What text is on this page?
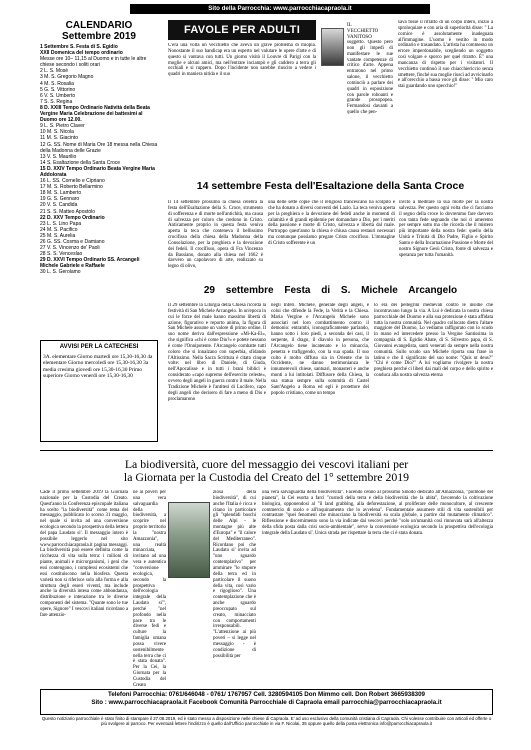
Sito della Parrocchia: www.parrocchiacapraola.it
CALENDARIO
Settembre 2019
1 Settembre S. Festa di S. Egidio
XXII Domenica del tempo ordinario
Messe ore 10– 11,15 al Duomo e in tutte le altre chiese secondo i soliti orari
2 L. S. Mosè
3 M. S. Gregorio Magno
4 M. S. Rosalia
5 G. S. Vittorino
6 V. S. Umberto
7 S. S. Regina
8 D. XXIII Tempo Ordinario Natività della Beata Vergine Maria Celebrazione dei battesimi al Duomo ore 12.00.
9 L. S. Pietro Claver
10 M. S. Nicola
11 M. S. Giacinto
12 G. SS. Nome di Maria Ore 18 messa nella Chiesa della Madonna delle Grazie
13 V. S. Maurilio
14 S. Esaltazione della Santa Croce
15 D. XXIV Tempo Ordinario Beata Vergine Maria Addolorata
16 L. SS. Cornelio e Cipriano
17 M. S. Roberto Bellarmino
18 M. S. Lamberto
19 G. S. Gennaro
20 V. S. Candida
21 S. S. Matteo Apostolo
22 D. XXV Tempo Ordinario
23 L. S. Lino Papa
24 M. S. Pacifico
25 M. S. Aurelia
26 G. SS. Cosma e Damiano
27 V. S. Vincenzo de' Paoli
28 S. S. Venceslao
29 D. XXVI Tempo Ordinario SS. Arcangeli Michele Gabriele e Raffaele
30 L. S. Gerolamo
AVVISI PER LA CATECHESI
3A. elementare Giorno martedì ore 15,30-16,30 4a elementare Giorno mercoledì ore 15,30-16,30 3a media cresima giovedì ore 15,30-16,30 Primo superiore Giorno venerdì ore 15,30-16,30
FAVOLE PER ADULTI
C'era una volta un vecchietto che aveva un grave problema di miopia. Nonostante il suo handicap era un esperto nel valutare le opere d'arte e di questo si vantava con tutti. Un giorno visitò il Louvre di Parigi con la moglie e alcuni amici, ma nell'entrare inciampò e gli caddero a terra gli occhiali e si ruppero. Dopo l'incidente non sarebbe riuscito a vedere i quadri in maniera nitida e il suo
IL VECCHIETTO VANITOSO
soggetto. Questo però non gli impedì di manifestare le sue vantate competenze di critico d'arte. Appena entrarono nel primo salone, il vecchietto cominciò a parlare dei quadri in esposizione con parole roboanti e grande prosopopea. Fermandosi davanti a quello che pen-
sava fosse il ritratto di un corpo intero, iniziò a sproloquiare e con aria di superiorità disse: " La cornice è assolutamente inadeguata all'immagine. L'uomo è vestito in modo ordinario e trasandato. L'artista ha commesso un errore imperdonabile, scegliendo un soggetto così volgare e sporco per quel ritratto. È" una mancanza di rispetto per i visitatori. Il vecchietto continuò il suo chiacchiericcio senza smettere, finché sua moglie riuscì ad avvicinarlo e all'orecchio a bassa voce gli disse: " Mio caro stai guardando uno specchio!"
14 settembre Festa dell'Esaltazione della Santa Croce
Il 14 settembre prossimo la chiesa celebra la festa dell'Esaltazione della S. Croce, strumento di sofferenza e di morte nell'antichità, ma causa di salvezza per coloro che credono in Cristo. Anticamente proprio in questa festa veniva aperta la teca che conteneva il bellissimo crocifisso della chiesa della Madonna della Consolazione, per la preghiera e la devozione dei fedeli. Il crocifisso, opera di Fra Vincenzo da Bassiano, donato alla chiesa nel 1662 è davvero un capolavoro di arte, realizzato su legno di olivo,
una delle sette copie che il religioso francescano ha scolpito e che ha donato a diversi conventi del Lazio. La teca veniva aperta per la preghiera e la devozione dei fedeli anche in momenti di calamità e di grandi epidemie per domandare a Dio, per i meriti della passione e morte di Cristo, salvezza e libertà dal male. Purtroppo quest'anno la chiesa è chiusa causa restauri necessari ma comunque possiamo pregare Cristo crocifisso. L'immagine di Cristo sofferente è un
invito a meditare la sua morte per la nostra salvezza. Per questo ogni volta che ci facciamo il segno della croce lo dovremmo fare davvero con tanta fede segnando che noi ci ameremo per sempre sotto ma che ricorda che il mistero più importante della nostra fede: quello della Unità e Trinità di Dio Padre, Figlio e Spirito Santo e della Incarnazione Passione e Morte del nostro Signore Gesù Cristo, fonte di salvezza e speranza per tutta l'umanità.
29 settembre Festa di S. Michele Arcangelo
Il 29 settembre la Liturgia della Chiesa ricorda la festività di San Michele Arcangelo. In un'epoca in cui le forze del male hanno massimo libertà di azione, figurativo e reporto anima, la figura di San Michele assume un valore di primo ordine. Il suo nome deriva dall'espressione «Mi-Ka-El», che significa «chi è come Dio?» e potete nessuno è come l'Onnipotente. l'Arcangelo combatte tutti coloro che si innalzano con superbia, sfidando l'Altissimo. Nella Sacra Scrittura è citato cinque volte: nel libro di Daniele, di Giuda, nell'Apocalisse e in tutti i brani biblici è considerato «capo supremo dell'esercito celeste», ovvero degli angeli in guerra contro il male. Nella Tradizione Michele è l'antitesi di Lucifero, capo degli angeli che decisero di fare a meno di Dio e proclamarono
negli Inferi. Michele, generale degli angeli, è colui che difende la Fede, la Verità e la Chiesa. Maria Vergine e l'Arcangelo Michele sono associati nel loro combattimento contro il demonio: entrambi, iconograficamente parlando, hanno sotto i loro piedi, a seconda dei casi, il serpente, il drago, il diavolo in persona, che l'Arcangelo tiene incatenato e lo minaccia, penetra e trafiggendo, con la sua spada. Il suo culto è molto diffuso sia in Oriente che in Occidente, ne danno testimonianza le innumerevoli chiese, santuari, monasteri e anche monti a lui intitolati. Diffusore della Chiesa, la sua statua sempre sulla sommità di Castel Sant'Angelo a Roma ed egli è protettore del popolo cristiano, come un tempo
lo era dei pellegrini medievali contro le insidie che incontravano lungo la via. A Lui è dedicata la nostra chiesa parrocchiale del Duomo e alla sua protezione è stata affidata tutta la nostra comunità. Nel quadro collocato dietro l'altare maggiore del Duomo, Lo vediamo raffigurato con lo scudo in mano ed intercedere presso la Vergine Santissima in compagnia di S. Egidio Abate, di S. Silvestro papa, di S. Giovanni evangelista, santi venerati da sempre nella nostra comunità. Sullo scudo san Michele riporta una frase in latino e che il significato del suo nome: "Quis ut deus?" "Chi è come Dio?" A lui vogliamo rivolgere la nostra preghiera perché ci liberi dai mali del corpo e dello spirito e conduca alla nostra salvezza eterna
La biodiversità, cuore del messaggio dei vescovi italiani per
la Giornata per la Custodia del Creato del 1° settembre 2019
Cade il primo settembre 2019 la Giornata nazionale per la Custodia del Creato. Quest'anno la Conferenza episcopale italiana ha scelto "la biodiversità" come tema del messaggio, pubblicato lo scorso 31 maggio, nel quale si invita ad una conversione ecologica secondo la prospettiva della lettera del papa Laudato si'. Il messaggio intero è possibile leggerlo nel sito www.parrocchiacapraola.it pagina messaggi. La biodiversità può essere definita come la ricchezza di vita sulla terra: i milioni di piante, animali e microrganismi, i geni che essi contengono, i complessi ecosistemi che essi costituiscono nella biosfera. Questa varietà non si riferisce solo alla forma e alla struttura degli esseri viventi, ma include anche la diversità intesa come abbondanza, distribuzione e interazione tra le diverse componenti del sistema. "Quante sono le tue opere, Signore" I vescovi italiani ricordano a fare attenzio-
ne ai poveri per una vera salvaguardia della biodiversità, a scoprire nel proprio territorio la "nostra Amazzonia", una realtà minacciata, invitano ad una vera e autentica "conversione ecologica, secondo la prospettiva dell'ecologia integrale della Laudato si'", perché "nel profondo nella pace tra le diverse fedi e culture la famiglia umana possa vivere sostenibilmente nella terra che ci è stata donata". Per la Cei, la Giornata per la Custodia del Creato
ziosa della biodiversità", di cui anche l'Italia è ricca e citano in particolare gli "splendidi boschi delle Alpi - le montagne più alte d'Europa" e "il calore del Mediterraneo". Ricordano poi che Laudato si' invita ad "uno sguardo contemplativo" per ammirare "lo stupore della terra ed in particolare il suono della vita, così vario e rigoglioso". Una contemplazione che è anche sguardo preoccupato sul creato, minacciato con comportamenti irresponsabili. "L'attenzione ai più poveri – si legge nel messaggio - è condizione di possibilità per
una vera salvaguardia della biodiversità". Facendo cenno al prossimo Sinodo dedicato all'Amazzonia, "polmone del pianeta", la Cei esorta a farci "custodi della terra e della biodiversità che la abita", favorendo la coltivazione biologica, opponendosi al "il land grabbing, alla deforestazione, al proliferare delle monoculture, al crescente commercio di suolo e all'inquinamento che lo avvelena". Fondamentale assumere stili di vita sostenibili per contrastare "quei fenomeni che minacciano la biodiversità su scala globale, a partire dal mutamento climatico". Riflessione e discernimento sono la via indicate dai vescovi perché "solo un'umanità così rinnovata sarà all'altezza della sfida posta dalla crisi socio-ambientale", serve la conversione ecologica secondo la prospettiva dell'ecologia integrale della Laudato si'. Unica strada per rispettare la terra che ci è stata donata.
Telefoni Parrocchia: 0761/646048 - 0761/ 1767957 Cell. 3280594105 Don Mimmo cell. Don Robert 3665938309
Sito : www.parrocchiacapraola.it Facebook Comunità Parrocchiale di Capraola email parrocchia@parrocchiacapraola.it
Questo notiziario parrocchiale è stato finito di stampare il 27.08.2019, ed è stato messo a disposizione nelle chiese di Capraola. E' ad uso esclusivo della comunità cristiana di Capraola. Chi volesse contribuire con articoli ed offerte o più svolgere al parroco. Per eventuali lettere l'indirizzo è quello dall'Ufficio parrocchiale in via F. Nicolai, 35 oppure quello della posta elettronica info@parrocchiacapraola.it
